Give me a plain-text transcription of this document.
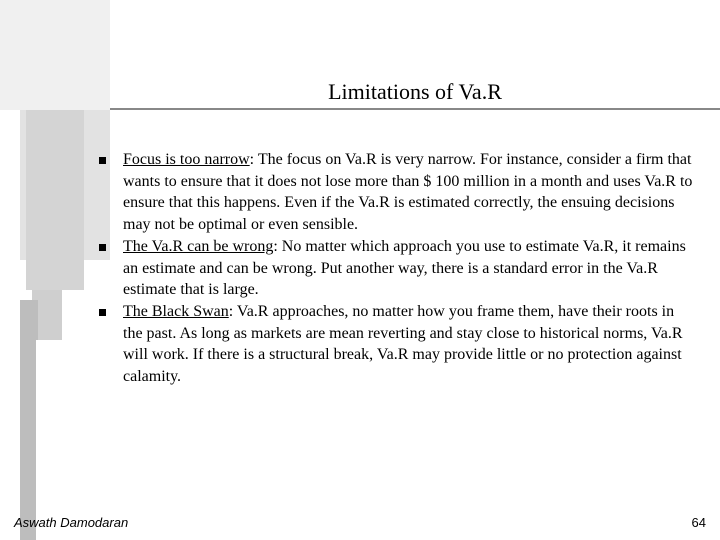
Limitations of Va.R
Focus is too narrow: The focus on Va.R is very narrow. For instance, consider a firm that wants to ensure that it does not lose more than $ 100 million in a month and uses Va.R to ensure that this happens. Even if the Va.R is estimated correctly, the ensuing decisions may not be optimal or even sensible.
The Va.R can be wrong: No matter which approach you use to estimate Va.R, it remains an estimate and can be wrong. Put another way, there is a standard error in the Va.R estimate that is large.
The Black Swan: Va.R approaches, no matter how you frame them, have their roots in the past. As long as markets are mean reverting and stay close to historical norms, Va.R will work. If there is a structural break, Va.R may provide little or no protection against calamity.
Aswath Damodaran	64
